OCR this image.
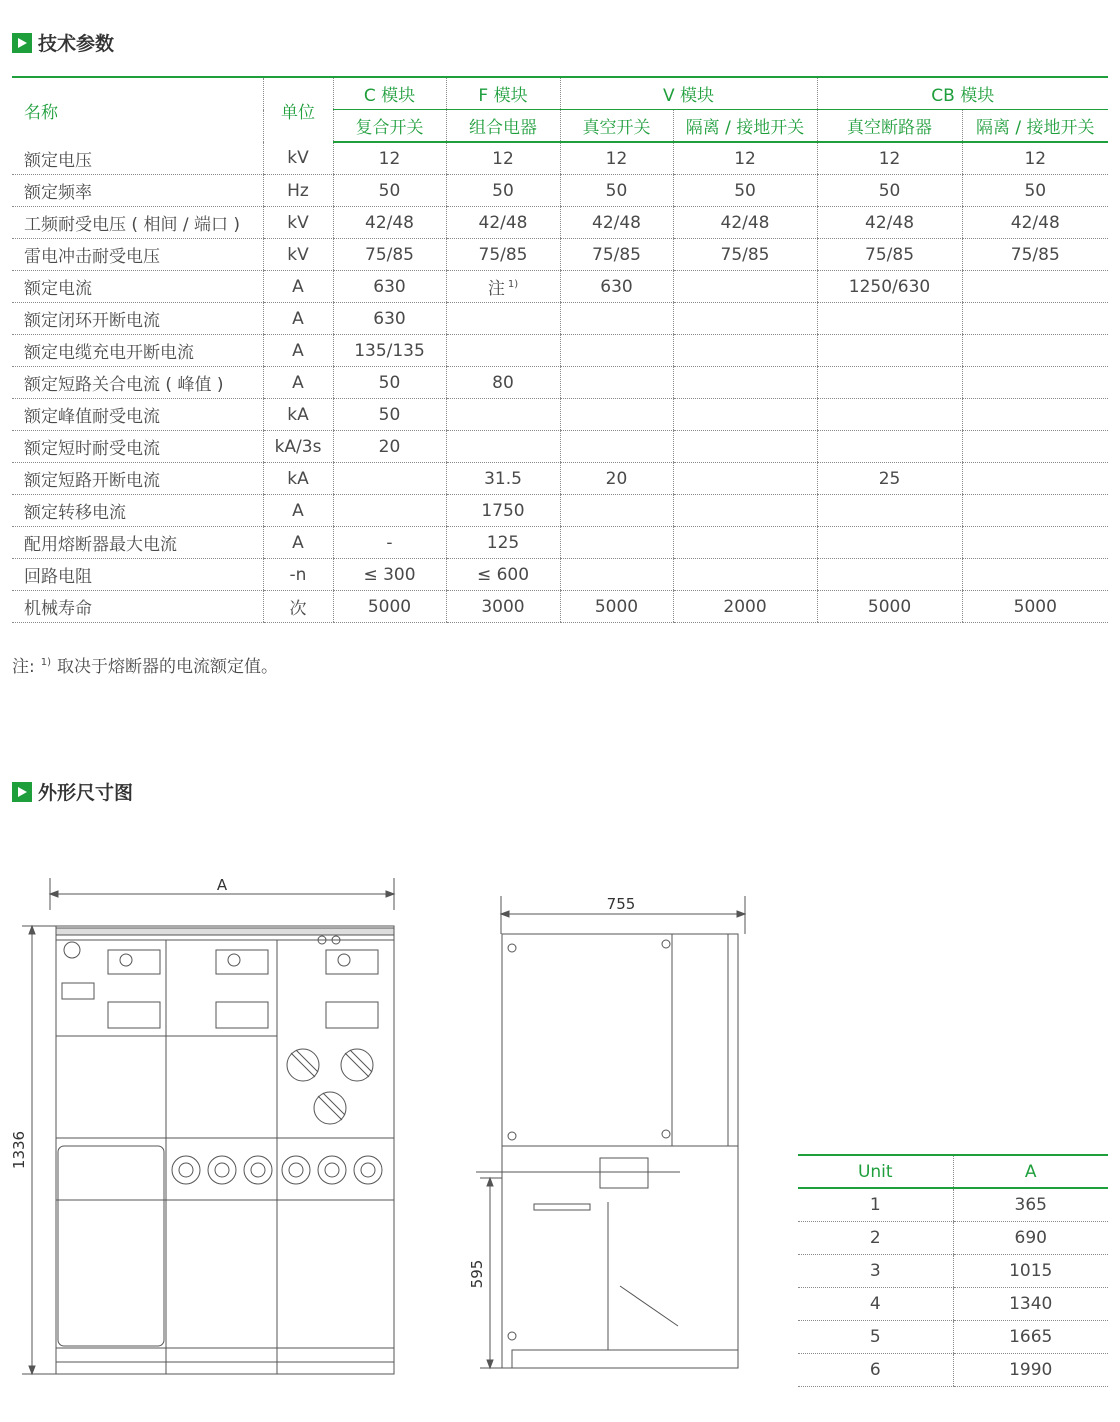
技术参数
名称	单位	C 模块	F 模块	V 模块		CB 模块	
		复合开关	组合电器	真空开关	隔离 / 接地开关	真空断路器	隔离 / 接地开关
额定电压	kV	12	12	12	12	12	12
额定频率	Hz	50	50	50	50	50	50
工频耐受电压 ( 相间 / 端口 )	kV	42/48	42/48	42/48	42/48	42/48	42/48
雷电冲击耐受电压	kV	75/85	75/85	75/85	75/85	75/85	75/85
额定电流	A	630	注 $^{1)}$	630		1250/630	
额定闭环开断电流	A	630					
额定电缆充电开断电流	A	135/135					
额定短路关合电流 ( 峰值 )	A	50	80				
额定峰值耐受电流	kA	50					
额定短时耐受电流	kA/3s	20					
额定短路开断电流	kA		31.5	20		25	
额定转移电流	A		1750				
配用熔断器最大电流	A	-	125				
回路电阻	-n	≤ 300	≤ 600				
机械寿命	次	5000	3000	5000	2000	5000	5000
注: $^{1)}$ 取决于熔断器的电流额定值。
外形尺寸图
A
1336
755
595
Unit	A
1	365
2	690
3	1015
4	1340
5	1665
6	1990
